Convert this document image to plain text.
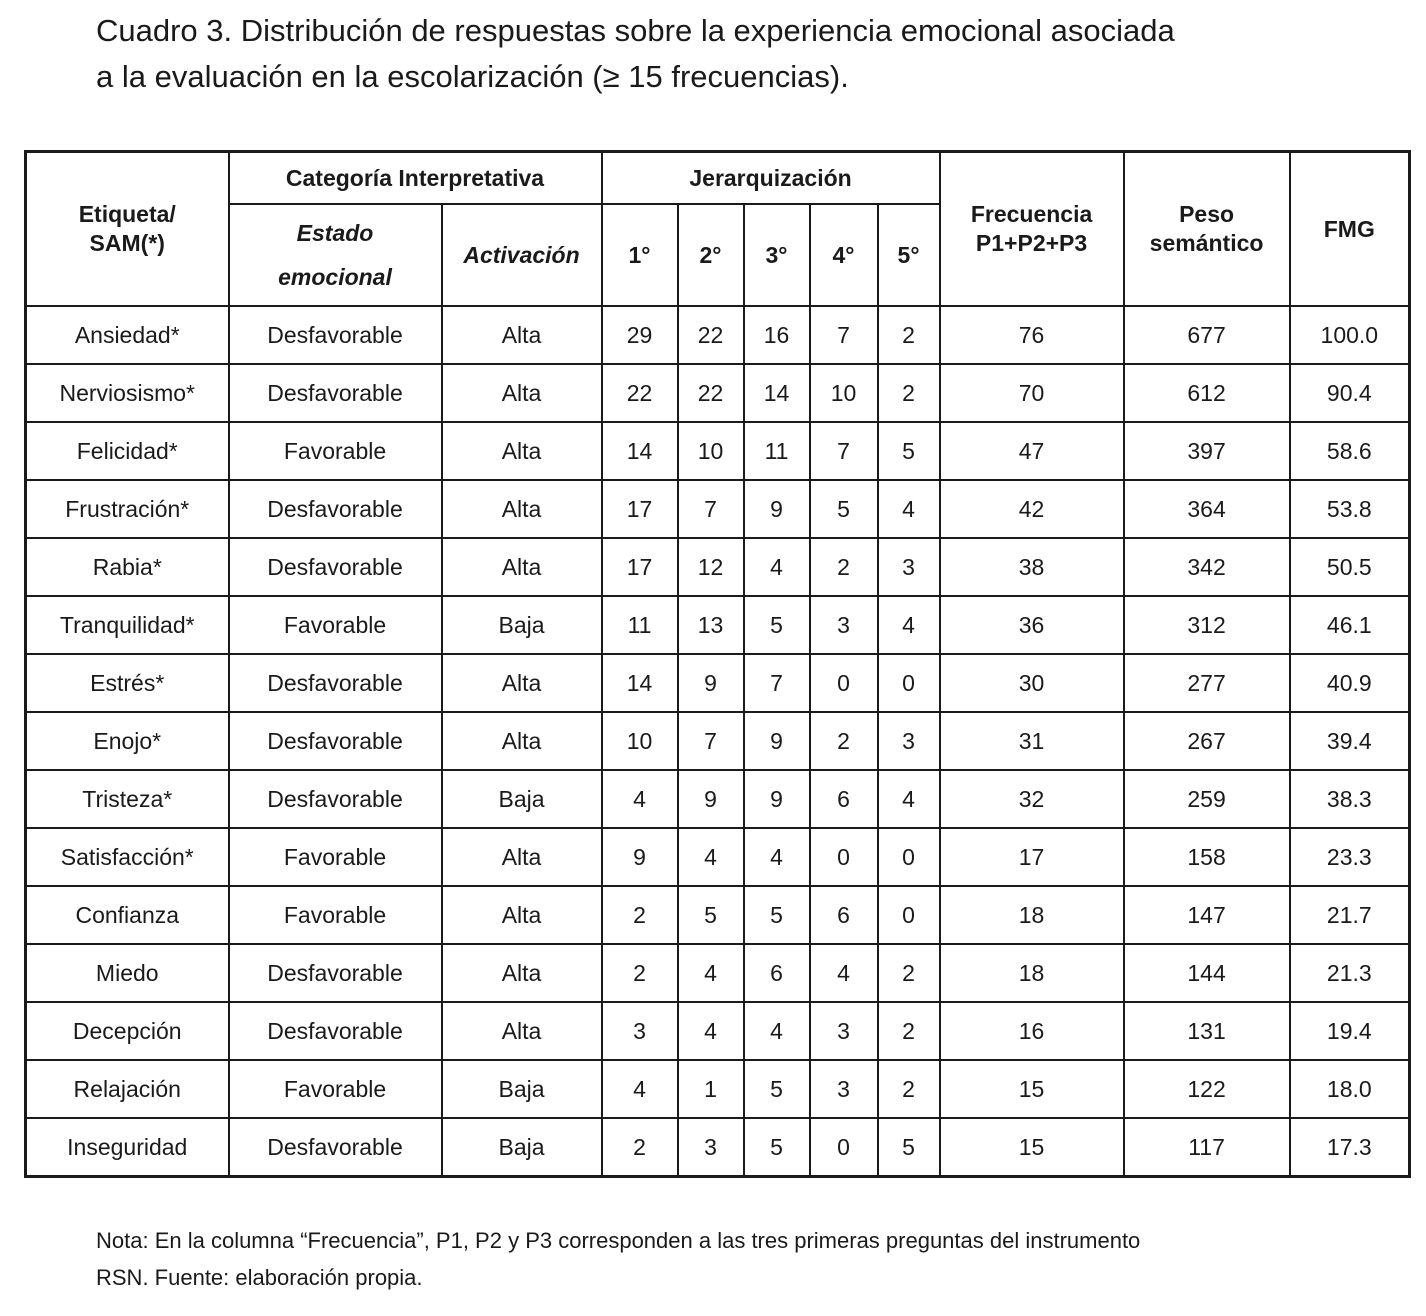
Cuadro 3. Distribución de respuestas sobre la experiencia emocional asociada
a la evaluación en la escolarización (≥ 15 frecuencias).
Etiqueta/ SAM(*)	Categoría Interpretativa		Jerarquización					Frecuencia P1+P2+P3	Peso semántico	FMG
	Estado emocional	Activación	1°	2°	3°	4°	5°			
Ansiedad*	Desfavorable	Alta	29	22	16	7	2	76	677	100.0
Nerviosismo*	Desfavorable	Alta	22	22	14	10	2	70	612	90.4
Felicidad*	Favorable	Alta	14	10	11	7	5	47	397	58.6
Frustración*	Desfavorable	Alta	17	7	9	5	4	42	364	53.8
Rabia*	Desfavorable	Alta	17	12	4	2	3	38	342	50.5
Tranquilidad*	Favorable	Baja	11	13	5	3	4	36	312	46.1
Estrés*	Desfavorable	Alta	14	9	7	0	0	30	277	40.9
Enojo*	Desfavorable	Alta	10	7	9	2	3	31	267	39.4
Tristeza*	Desfavorable	Baja	4	9	9	6	4	32	259	38.3
Satisfacción*	Favorable	Alta	9	4	4	0	0	17	158	23.3
Confianza	Favorable	Alta	2	5	5	6	0	18	147	21.7
Miedo	Desfavorable	Alta	2	4	6	4	2	18	144	21.3
Decepción	Desfavorable	Alta	3	4	4	3	2	16	131	19.4
Relajación	Favorable	Baja	4	1	5	3	2	15	122	18.0
Inseguridad	Desfavorable	Baja	2	3	5	0	5	15	117	17.3
Nota: En la columna “Frecuencia”, P1, P2 y P3 corresponden a las tres primeras preguntas del instrumento
RSN. Fuente: elaboración propia.
